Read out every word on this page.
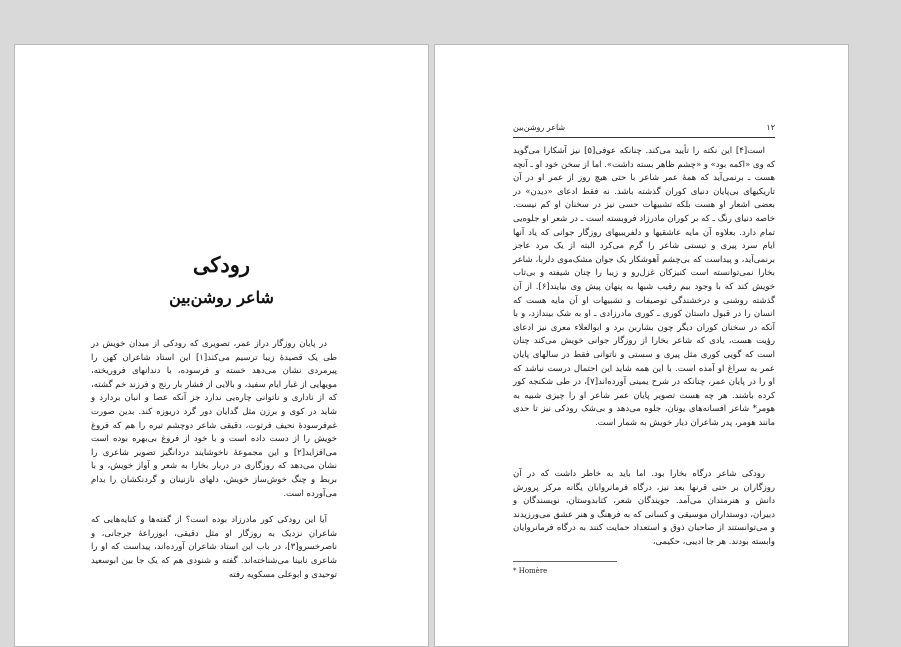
رودکی
شاعر روشن‌بین

در پایان روزگار دراز عمر، تصویری که رودکی از میدان خویش در طی یک قصیدهٔ زیبا ترسیم می‌کند[۱] این استاد شاعران کهن را پیرمردی نشان می‌دهد خسته و فرسوده، با دندانهای فروریخته، مویهایی از غبار ایام سفید، و بالایی از فشار بار رنج و فرزند خم گشته، که از ناداری و ناتوانی چاره‌یی ندارد جز آنکه عصا و انبان بردارد و شاید در کوی و برزن مثل گدایان دور گرد دریوزه کند. بدین صورت غم‌فرسودهٔ نحیف فرتوت، دقیقی شاعر دوچشم تیره را هم که فروغ خویش را از دست داده است و با خود از فروغ بی‌بهره بوده است می‌افزاید[۲] و این مجموعهٔ ناخوشایند دردانگیز تصویر شاعری را نشان می‌دهد که روزگاری در دربار بخارا به شعر و آواز خویش، و با بربط و چنگ خوش‌ساز خویش، دلهای نازنینان و گردنکشان را بدام می‌آورده است.

آیا این رودکی کور مادرزاد بوده است؟ از گفته‌ها و کنایه‌هایی که شاعران نزدیک به روزگار او مثل دقیقی، ابوزراعهٔ جرجانی، و ناصرخسرو[۳]، در باب این استاد شاعران آورده‌اند، پیداست که او را شاعری نابینا می‌شناخته‌اند. گفته و شنودی هم که یک جا بین ابوسعید توحیدی و ابوعلی مسکویه رفته

۱۲
شاعر روشن‌بین

است[۴] این نکته را تأیید می‌کند. چنانکه عوفی[۵] نیز آشکارا می‌گوید که وی «اکمه بود» و «چشم ظاهر بسته داشت». اما از سخن خود او ـ آنچه هست ـ برنمی‌آید که همهٔ عمر شاعر با حتی هیچ روز از عمر او در آن تاریکیهای بی‌پایان دنیای کوران گذشته باشد. نه فقط ادعای «دیدن» در بعضی اشعار او هست بلکه تشبیهات حسی نیز در سخنان او کم نیست. خاصه دنیای رنگ ـ که بر کوران مادرزاد فروبسته است ـ در شعر او جلوه‌یی تمام دارد. بعلاوه آن مایه عاشقیها و دلفریبیهای روزگار جوانی که یاد آنها ایام سرد پیری و تیستی شاعر را گرم می‌کرد البته از یک مرد عاجز برنمی‌آید، و پیداست که بی‌چشم آهوشکار یک جوان مشک‌موی دلربا، شاعر بخارا نمی‌توانسته است کنیزکان غزل‌رو و زیبا را چنان شیفته و بی‌تاب خویش کند که با وجود بیم رقیب شبها به پنهان پیش وی بیایند[۶]. از آن گذشته روشنی و درخشندگی توصیفات و تشبیهات او آن مایه هست که انسان را در قبول داستان کوری ـ کوری مادرزادی ـ او به شک بیندازد، و با آنکه در سخنان کوران دیگر چون بشاربن برد و ابوالعلاء معری نیز ادعای رؤیت هست، یادی که شاعر بخارا از روزگار جوانی خویش می‌کند چنان است که گویی کوری مثل پیری و سستی و ناتوانی فقط در سالهای پایان عمر به سراغ او آمده است. با این همه شاید این احتمال درست نباشد که او را در پایان عمر، چنانکه در شرح یمینی آورده‌اند[۷]، در طی شکنجه کور کرده باشند. هر چه هست تصویر پایان عمر شاعر او را چیزی شبیه به هومر* شاعر افسانه‌های یونان، جلوه می‌دهد و بی‌شک رودکی نیز تا حدی مانند هومر، پدر شاعران دیار خویش به شمار است.

رودکی شاعر درگاه بخارا بود. اما باید به خاطر داشت که در آن روزگاران بر حتی قرنها بعد نیز، درگاه فرمانروایان یگانه مرکز پرورش دانش و هنرمندان می‌آمد. جویندگان شعر، کتابدوستان، نویسندگان و دبیران، دوستداران موسیقی و کسانی که به فرهنگ و هنر عشق می‌ورزیدند و می‌توانستند از صاحبان ذوق و استعداد حمایت کنند به درگاه فرمانروایان وابسته بودند. هر جا ادیبی، حکیمی،

* Homère
